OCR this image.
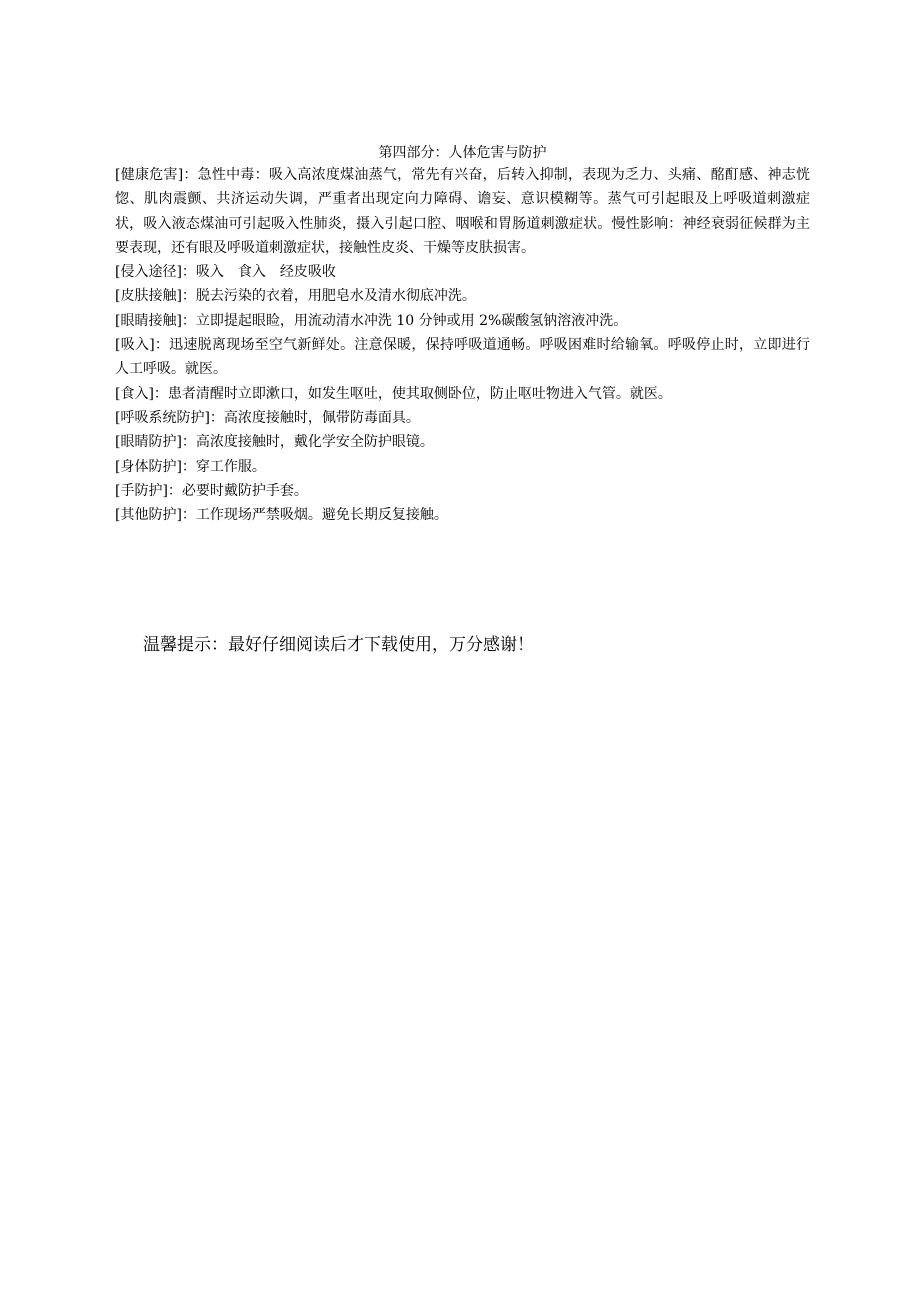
第四部分：人体危害与防护

[健康危害]：急性中毒：吸入高浓度煤油蒸气，常先有兴奋，后转入抑制，表现为乏力、头痛、酩酊感、神志恍惚、肌肉震颤、共济运动失调，严重者出现定向力障碍、谵妄、意识模糊等。蒸气可引起眼及上呼吸道刺激症状，吸入液态煤油可引起吸入性肺炎，摄入引起口腔、咽喉和胃肠道刺激症状。慢性影响：神经衰弱征候群为主要表现，还有眼及呼吸道刺激症状，接触性皮炎、干燥等皮肤损害。

[侵入途径]：吸入　食入　经皮吸收

[皮肤接触]：脱去污染的衣着，用肥皂水及清水彻底冲洗。

[眼睛接触]：立即提起眼睑，用流动清水冲洗 10 分钟或用 2%碳酸氢钠溶液冲洗。

[吸入]：迅速脱离现场至空气新鲜处。注意保暖，保持呼吸道通畅。呼吸困难时给输氧。呼吸停止时，立即进行人工呼吸。就医。

[食入]：患者清醒时立即漱口，如发生呕吐，使其取侧卧位，防止呕吐物进入气管。就医。

[呼吸系统防护]：高浓度接触时，佩带防毒面具。

[眼睛防护]：高浓度接触时，戴化学安全防护眼镜。

[身体防护]：穿工作服。

[手防护]：必要时戴防护手套。

[其他防护]：工作现场严禁吸烟。避免长期反复接触。

温馨提示：最好仔细阅读后才下载使用，万分感谢！
